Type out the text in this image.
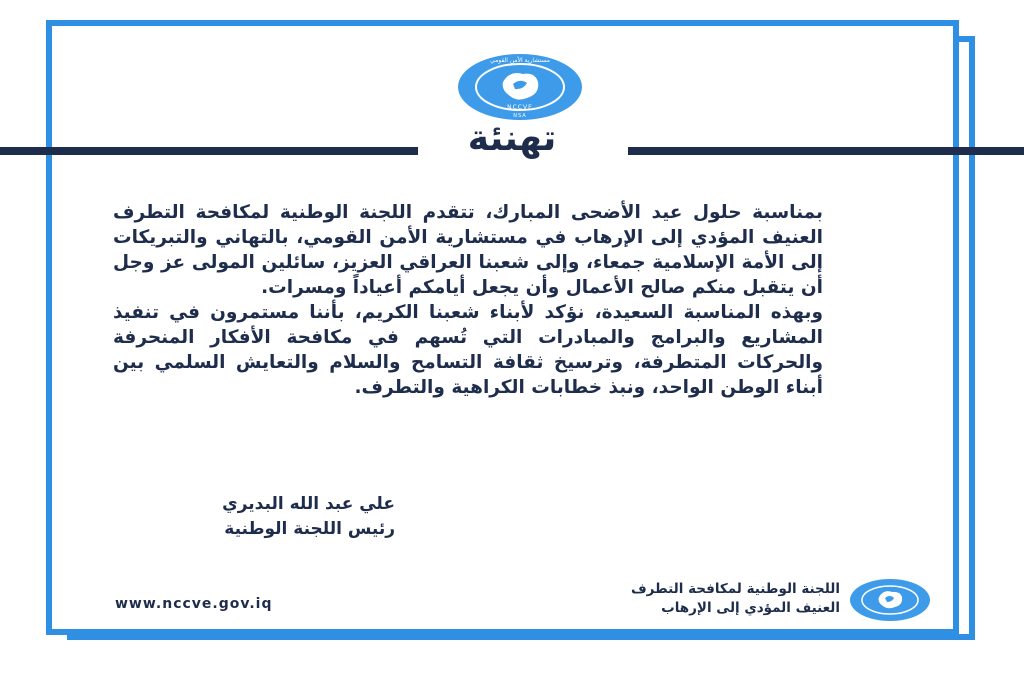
مستشارية الأمن القومي
NCCVE
NSA
تهنئة

بمناسبة حلول عيد الأضحى المبارك، تتقدم اللجنة الوطنية لمكافحة التطرف العنيف المؤدي إلى الإرهاب في مستشارية الأمن القومي، بالتهاني والتبريكات إلى الأمة الإسلامية جمعاء، وإلى شعبنا العراقي العزيز، سائلين المولى عز وجل أن يتقبل منكم صالح الأعمال وأن يجعل أيامكم أعياداً ومسرات.

وبهذه المناسبة السعيدة، نؤكد لأبناء شعبنا الكريم، بأننا مستمرون في تنفيذ المشاريع والبرامج والمبادرات التي تُسهم في مكافحة الأفكار المنحرفة والحركات المتطرفة، وترسيخ ثقافة التسامح والسلام والتعايش السلمي بين أبناء الوطن الواحد، ونبذ خطابات الكراهية والتطرف.

علي عبد الله البديري
رئيس اللجنة الوطنية
www.nccve.gov.iq
اللجنة الوطنية لمكافحة التطرف
العنيف المؤدي إلى الإرهاب
